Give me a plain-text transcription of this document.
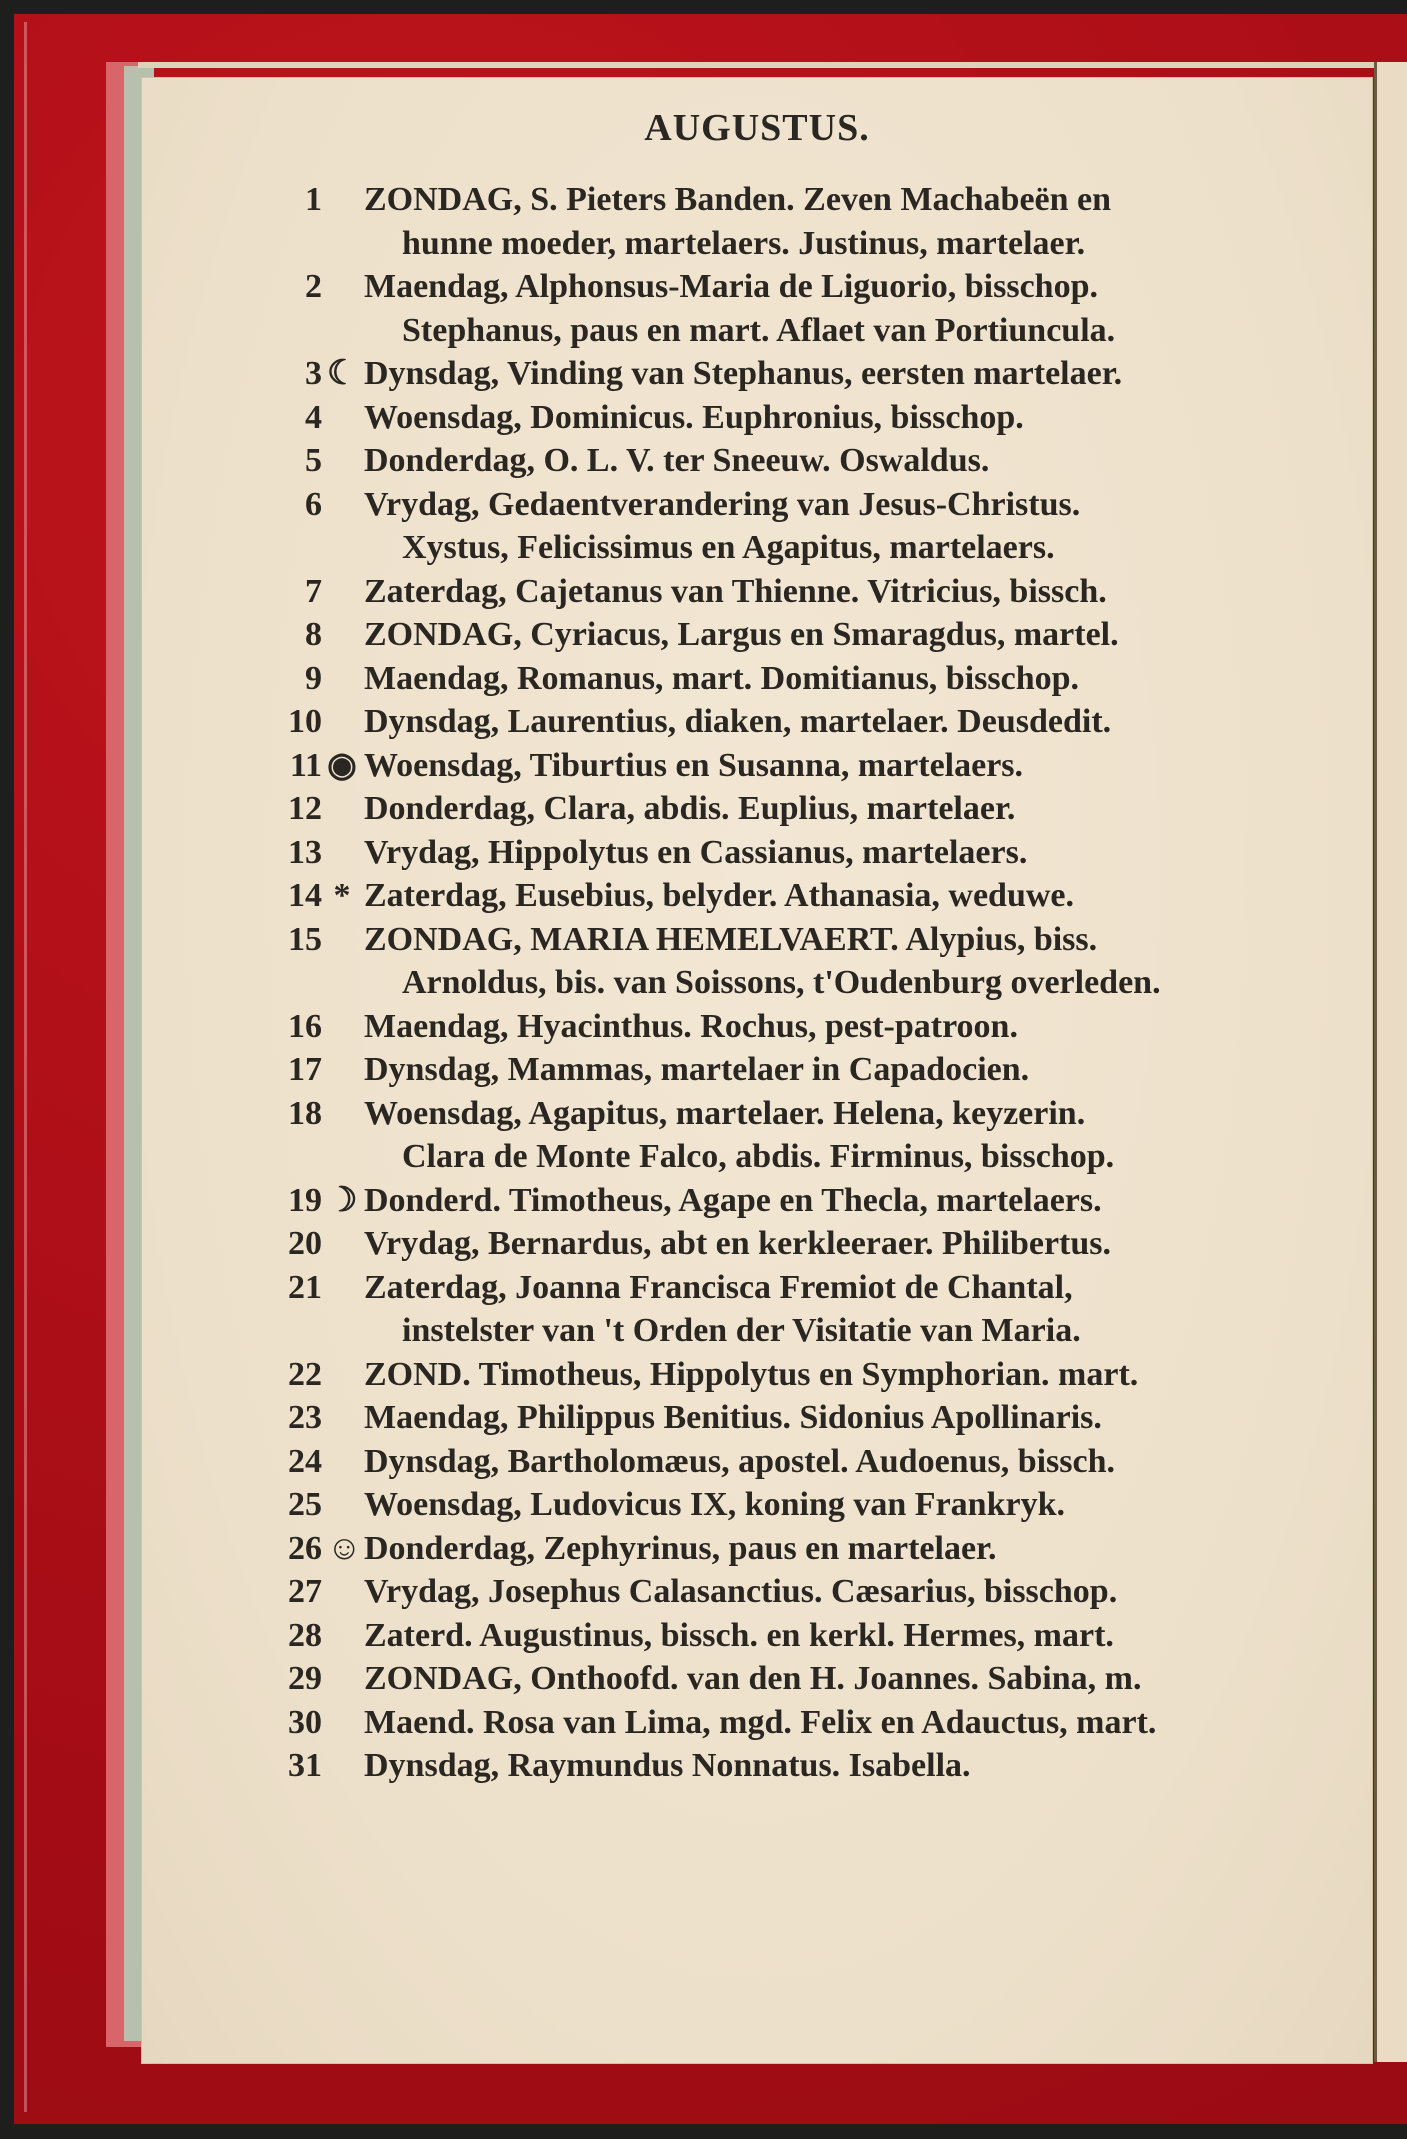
AUGUSTUS.
1	ZONDAG, S. Pieters Banden. Zeven Machabeën en
hunne moeder, martelaers. Justinus, martelaer.
2	Maendag, Alphonsus-Maria de Liguorio, bisschop.
Stephanus, paus en mart. Aflaet van Portiuncula.
3 ☾ Dynsdag, Vinding van Stephanus, eersten martelaer.
4	Woensdag, Dominicus. Euphronius, bisschop.
5	Donderdag, O. L. V. ter Sneeuw. Oswaldus.
6	Vrydag, Gedaentverandering van Jesus-Christus.
Xystus, Felicissimus en Agapitus, martelaers.
7	Zaterdag, Cajetanus van Thienne. Vitricius, bissch.
8	ZONDAG, Cyriacus, Largus en Smaragdus, martel.
9	Maendag, Romanus, mart. Domitianus, bisschop.
10	Dynsdag, Laurentius, diaken, martelaer. Deusdedit.
11 ◉ Woensdag, Tiburtius en Susanna, martelaers.
12	Donderdag, Clara, abdis. Euplius, martelaer.
13	Vrydag, Hippolytus en Cassianus, martelaers.
14 * Zaterdag, Eusebius, belyder. Athanasia, weduwe.
15	ZONDAG, MARIA HEMELVAERT. Alypius, biss.
Arnoldus, bis. van Soissons, t'Oudenburg overleden.
16	Maendag, Hyacinthus. Rochus, pest-patroon.
17	Dynsdag, Mammas, martelaer in Capadocien.
18	Woensdag, Agapitus, martelaer. Helena, keyzerin.
Clara de Monte Falco, abdis. Firminus, bisschop.
19 ☽ Donderd. Timotheus, Agape en Thecla, martelaers.
20	Vrydag, Bernardus, abt en kerkleeraer. Philibertus.
21	Zaterdag, Joanna Francisca Fremiot de Chantal,
instelster van 't Orden der Visitatie van Maria.
22	ZOND. Timotheus, Hippolytus en Symphorian. mart.
23	Maendag, Philippus Benitius. Sidonius Apollinaris.
24	Dynsdag, Bartholomæus, apostel. Audoenus, bissch.
25	Woensdag, Ludovicus IX, koning van Frankryk.
26 ☺ Donderdag, Zephyrinus, paus en martelaer.
27	Vrydag, Josephus Calasanctius. Cæsarius, bisschop.
28	Zaterd. Augustinus, bissch. en kerkl. Hermes, mart.
29	ZONDAG, Onthoofd. van den H. Joannes. Sabina, m.
30	Maend. Rosa van Lima, mgd. Felix en Adauctus, mart.
31	Dynsdag, Raymundus Nonnatus. Isabella.
